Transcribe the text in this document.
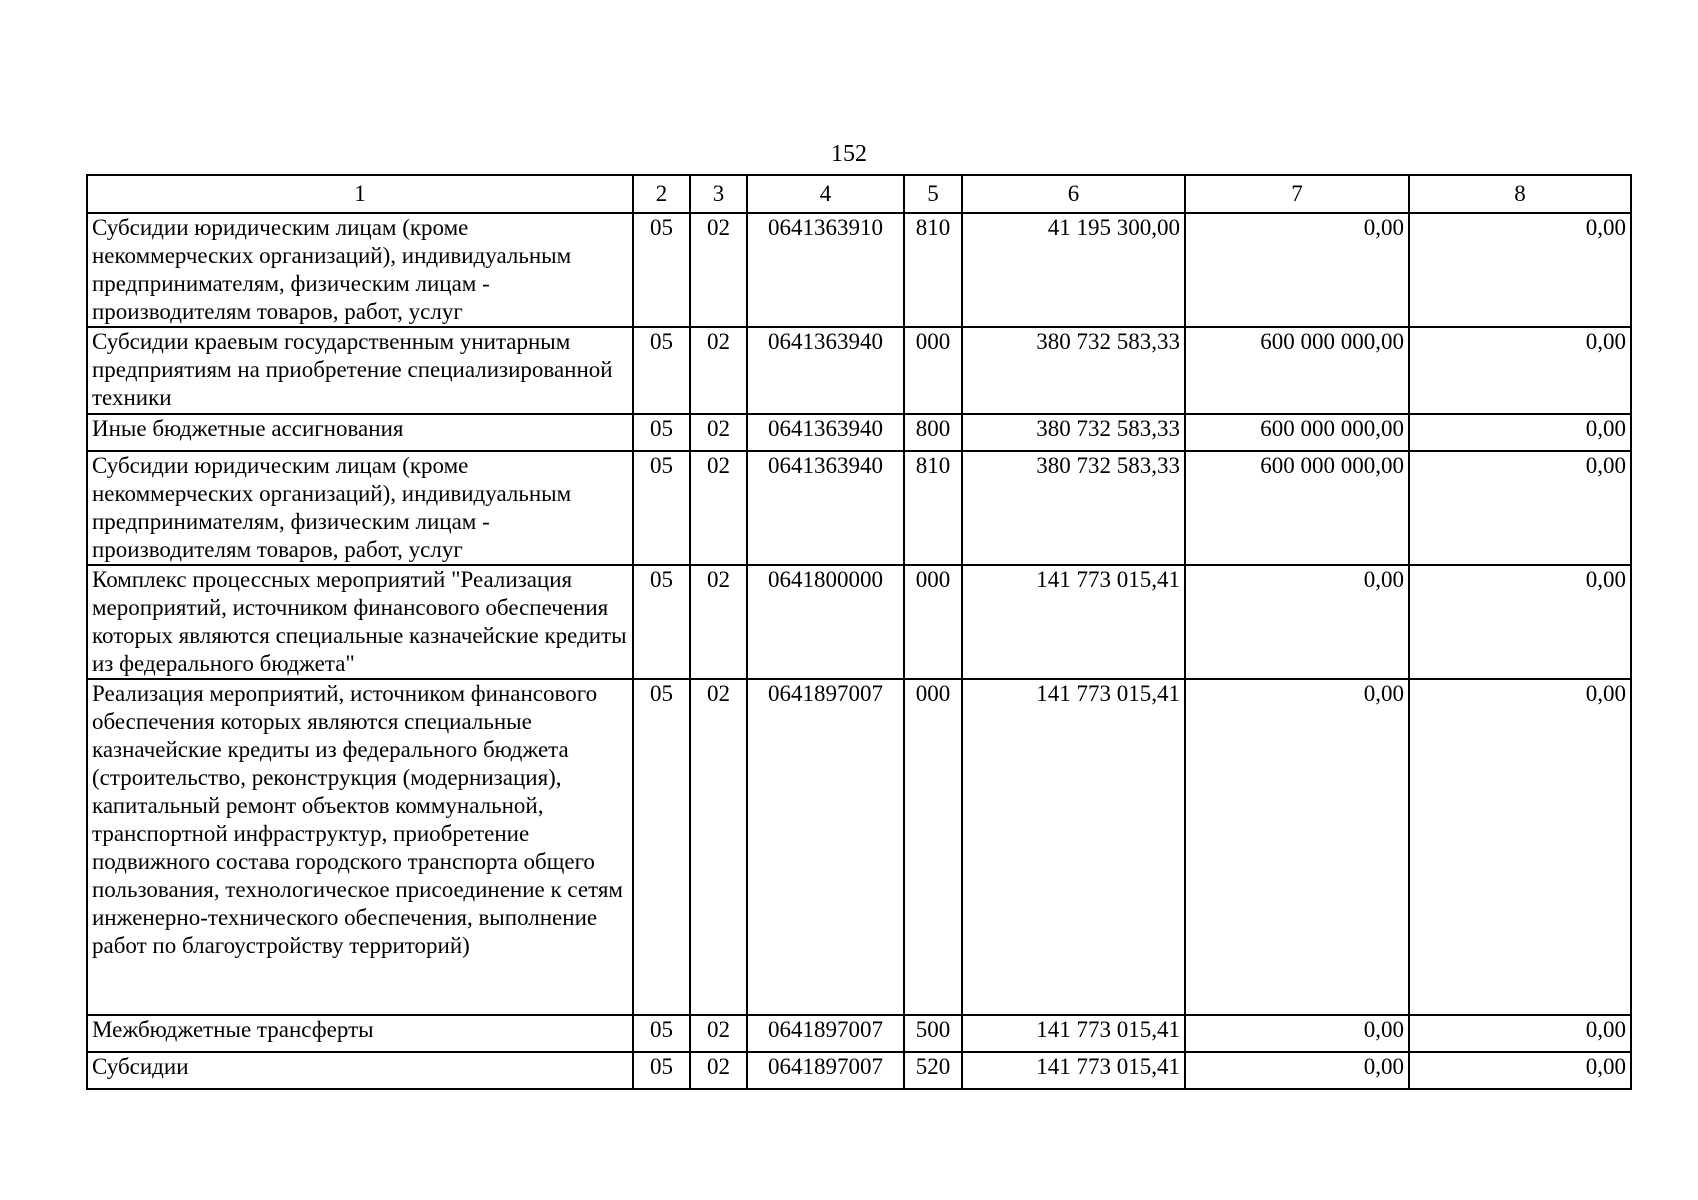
152
1	2	3	4	5	6	7	8
Субсидии юридическим лицам (кроме некоммерческих организаций), индивидуальным предпринимателям, физическим лицам - производителям товаров, работ, услуг	05	02	0641363910	810	41 195 300,00	0,00	0,00
Субсидии краевым государственным унитарным предприятиям на приобретение специализированной техники	05	02	0641363940	000	380 732 583,33	600 000 000,00	0,00
Иные бюджетные ассигнования	05	02	0641363940	800	380 732 583,33	600 000 000,00	0,00
Субсидии юридическим лицам (кроме некоммерческих организаций), индивидуальным предпринимателям, физическим лицам - производителям товаров, работ, услуг	05	02	0641363940	810	380 732 583,33	600 000 000,00	0,00
Комплекс процессных мероприятий "Реализация мероприятий, источником финансового обеспечения которых являются специальные казначейские кредиты из федерального бюджета"	05	02	0641800000	000	141 773 015,41	0,00	0,00
Реализация мероприятий, источником финансового обеспечения которых являются специальные казначейские кредиты из федерального бюджета (строительство, реконструкция (модернизация), капитальный ремонт объектов коммунальной, транспортной инфраструктур, приобретение подвижного состава городского транспорта общего пользования, технологическое присоединение к сетям инженерно-технического обеспечения, выполнение работ по благоустройству территорий)	05	02	0641897007	000	141 773 015,41	0,00	0,00
Межбюджетные трансферты	05	02	0641897007	500	141 773 015,41	0,00	0,00
Субсидии	05	02	0641897007	520	141 773 015,41	0,00	0,00
